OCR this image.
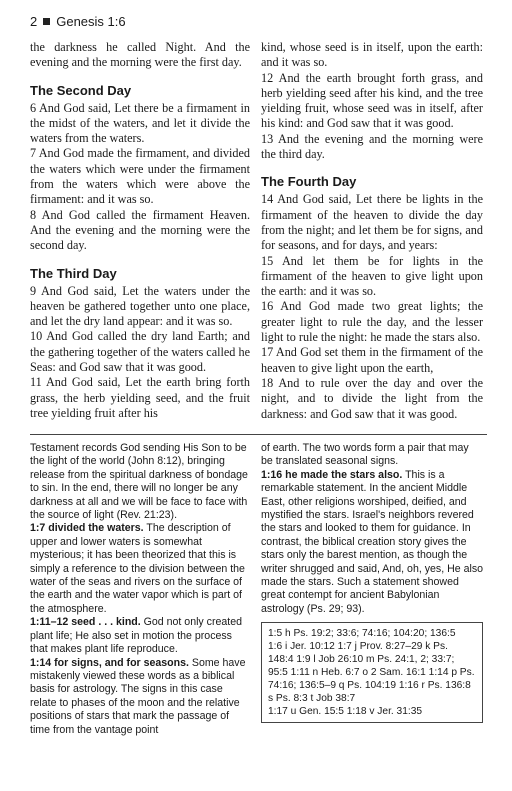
2 Genesis 1:6

the darkness he called Night. And the evening and the morning were the first day.

The Second Day

6 And God said, Let there be a firmament in the midst of the waters, and let it divide the waters from the waters.

7 And God made the firmament, and divided the waters which were under the firmament from the waters which were above the firmament: and it was so.

8 And God called the firmament Heaven. And the evening and the morning were the second day.

The Third Day

9 And God said, Let the waters under the heaven be gathered together unto one place, and let the dry land appear: and it was so.

10 And God called the dry land Earth; and the gathering together of the waters called he Seas: and God saw that it was good.

11 And God said, Let the earth bring forth grass, the herb yielding seed, and the fruit tree yielding fruit after his

kind, whose seed is in itself, upon the earth: and it was so.

12 And the earth brought forth grass, and herb yielding seed after his kind, and the tree yielding fruit, whose seed was in itself, after his kind: and God saw that it was good.

13 And the evening and the morning were the third day.

The Fourth Day

14 And God said, Let there be lights in the firmament of the heaven to divide the day from the night; and let them be for signs, and for seasons, and for days, and years:

15 And let them be for lights in the firmament of the heaven to give light upon the earth: and it was so.

16 And God made two great lights; the greater light to rule the day, and the lesser light to rule the night: he made the stars also.

17 And God set them in the firmament of the heaven to give light upon the earth,

18 And to rule over the day and over the night, and to divide the light from the darkness: and God saw that it was good.

Testament records God sending His Son to be the light of the world (John 8:12), bringing release from the spiritual darkness of bondage to sin. In the end, there will no longer be any darkness at all and we will be face to face with the source of light (Rev. 21:23).

1:7 divided the waters. The description of upper and lower waters is somewhat mysterious; it has been theorized that this is simply a reference to the division between the water of the seas and rivers on the surface of the earth and the water vapor which is part of the atmosphere.

1:11–12 seed . . . kind. God not only created plant life; He also set in motion the process that makes plant life reproduce.

1:14 for signs, and for seasons. Some have mistakenly viewed these words as a biblical basis for astrology. The signs in this case relate to phases of the moon and the relative positions of stars that mark the passage of time from the vantage point

of earth. The two words form a pair that may be translated seasonal signs.

1:16 he made the stars also. This is a remarkable statement. In the ancient Middle East, other religions worshiped, deified, and mystified the stars. Israel's neighbors revered the stars and looked to them for guidance. In contrast, the biblical creation story gives the stars only the barest mention, as though the writer shrugged and said, And, oh, yes, He also made the stars. Such a statement showed great contempt for ancient Babylonian astrology (Ps. 29; 93).

1:5 h Ps. 19:2; 33:6; 74:16; 104:20; 136:5

1:6 i Jer. 10:12 1:7 j Prov. 8:27–29 k Ps. 148:4 1:9 l Job 26:10 m Ps. 24:1, 2; 33:7; 95:5 1:11 n Heb. 6:7 o 2 Sam. 16:1 1:14 p Ps. 74:16; 136:5–9 q Ps. 104:19 1:16 r Ps. 136:8 s Ps. 8:3 t Job 38:7

1:17 u Gen. 15:5 1:18 v Jer. 31:35
